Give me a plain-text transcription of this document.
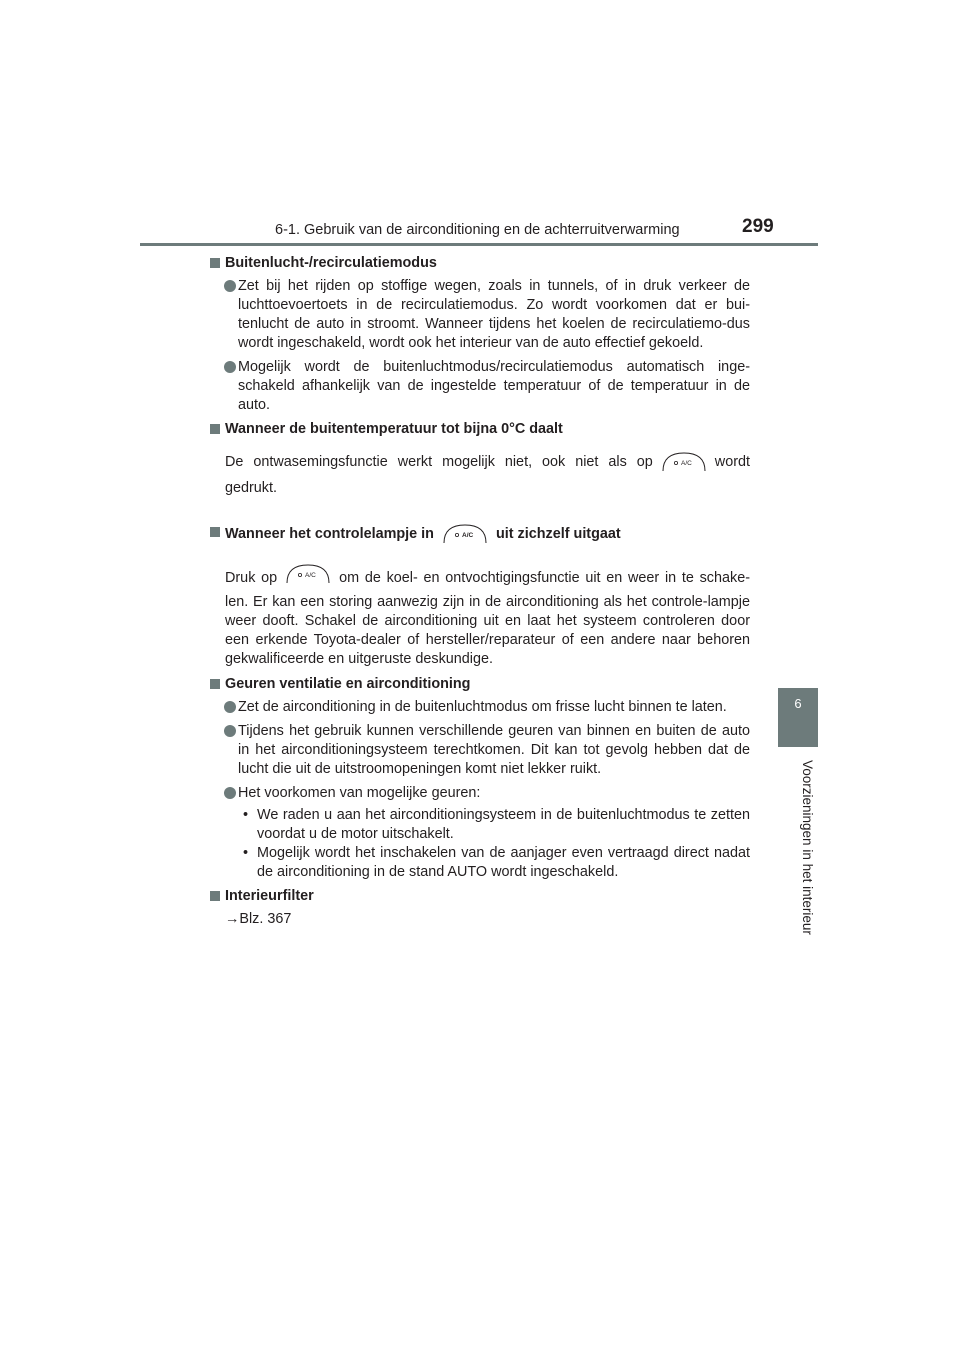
6-1. Gebruik van de airconditioning en de achterruitverwarming	299
6
Voorzieningen in het interieur
Buitenlucht-/recirculatiemodus
Zet bij het rijden op stoffige wegen, zoals in tunnels, of in druk verkeer de luchttoevoertoets in de recirculatiemodus. Zo wordt voorkomen dat er bui-tenlucht de auto in stroomt. Wanneer tijdens het koelen de recirculatiemo-dus wordt ingeschakeld, wordt ook het interieur van de auto effectief gekoeld.
Mogelijk wordt de buitenluchtmodus/recirculatiemodus automatisch inge-schakeld afhankelijk van de ingestelde temperatuur of de temperatuur in de auto.
Wanneer de buitentemperatuur tot bijna 0°C daalt

De ontwasemingsfunctie werkt mogelijk niet, ook niet als op	A/C wordt gedrukt.

Wanneer het controlelampje in	A/C uit zichzelf uitgaat

Druk op	A/C om de koel- en ontvochtigingsfunctie uit en weer in te schake-len. Er kan een storing aanwezig zijn in de airconditioning als het controle-lampje weer dooft. Schakel de airconditioning uit en laat het systeem controleren door een erkende Toyota-dealer of hersteller/reparateur of een andere naar behoren gekwalificeerde en uitgeruste deskundige.

Geuren ventilatie en airconditioning
Zet de airconditioning in de buitenluchtmodus om frisse lucht binnen te laten.
Tijdens het gebruik kunnen verschillende geuren van binnen en buiten de auto in het airconditioningsysteem terechtkomen. Dit kan tot gevolg hebben dat de lucht die uit de uitstroomopeningen komt niet lekker ruikt.
Het voorkomen van mogelijke geuren:
• We raden u aan het airconditioningsysteem in de buitenluchtmodus te zetten voordat u de motor uitschakelt.
• Mogelijk wordt het inschakelen van de aanjager even vertraagd direct nadat de airconditioning in de stand AUTO wordt ingeschakeld.
Interieurfilter

→Blz. 367
